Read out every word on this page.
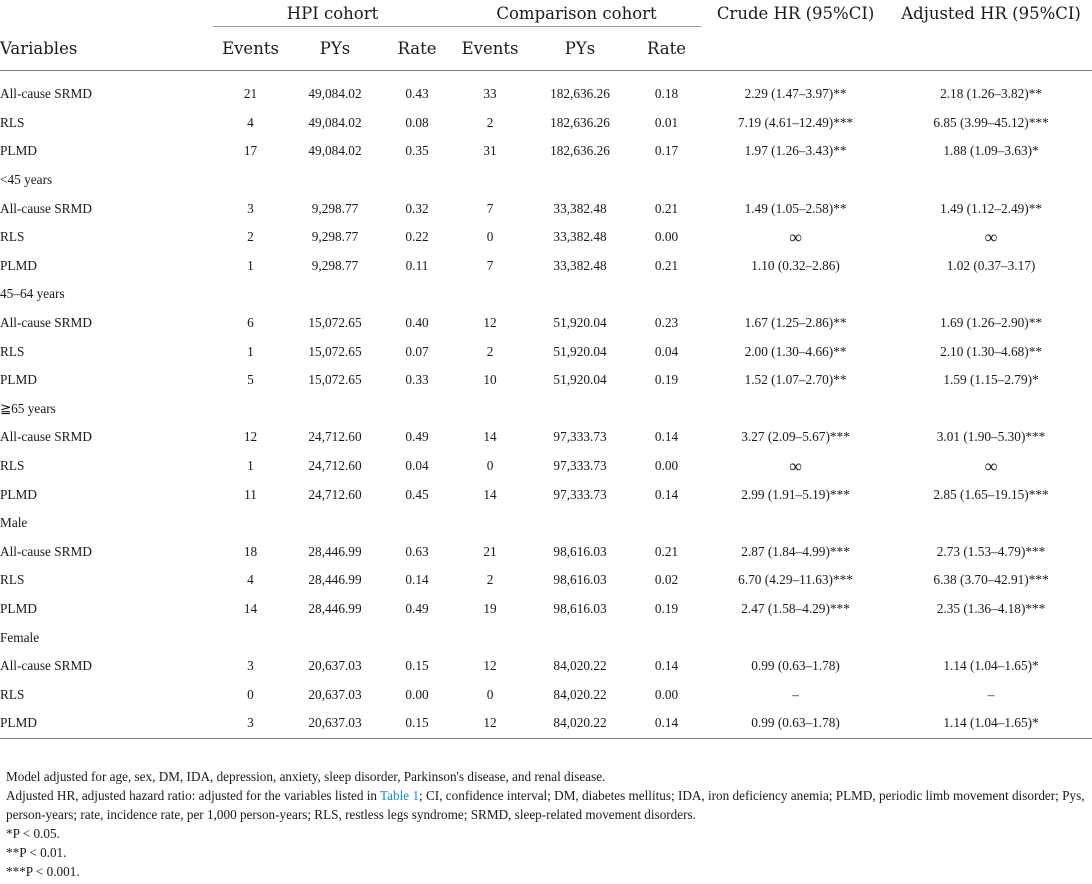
	HPI cohort			Comparison cohort			Crude HR (95%CI)	Adjusted HR (95%CI)
Variables	Events	PYs	Rate	Events	PYs	Rate		

All-cause SRMD	21	49,084.02	0.43	33	182,636.26	0.18	2.29 (1.47–3.97)**	2.18 (1.26–3.82)**
RLS	4	49,084.02	0.08	2	182,636.26	0.01	7.19 (4.61–12.49)***	6.85 (3.99–45.12)***
PLMD	17	49,084.02	0.35	31	182,636.26	0.17	1.97 (1.26–3.43)**	1.88 (1.09–3.63)*
<45 years								
All-cause SRMD	3	9,298.77	0.32	7	33,382.48	0.21	1.49 (1.05–2.58)**	1.49 (1.12–2.49)**
RLS	2	9,298.77	0.22	0	33,382.48	0.00	∞	∞
PLMD	1	9,298.77	0.11	7	33,382.48	0.21	1.10 (0.32–2.86)	1.02 (0.37–3.17)
45–64 years								
All-cause SRMD	6	15,072.65	0.40	12	51,920.04	0.23	1.67 (1.25–2.86)**	1.69 (1.26–2.90)**
RLS	1	15,072.65	0.07	2	51,920.04	0.04	2.00 (1.30–4.66)**	2.10 (1.30–4.68)**
PLMD	5	15,072.65	0.33	10	51,920.04	0.19	1.52 (1.07–2.70)**	1.59 (1.15–2.79)*
≧65 years								
All-cause SRMD	12	24,712.60	0.49	14	97,333.73	0.14	3.27 (2.09–5.67)***	3.01 (1.90–5.30)***
RLS	1	24,712.60	0.04	0	97,333.73	0.00	∞	∞
PLMD	11	24,712.60	0.45	14	97,333.73	0.14	2.99 (1.91–5.19)***	2.85 (1.65–19.15)***
Male								
All-cause SRMD	18	28,446.99	0.63	21	98,616.03	0.21	2.87 (1.84–4.99)***	2.73 (1.53–4.79)***
RLS	4	28,446.99	0.14	2	98,616.03	0.02	6.70 (4.29–11.63)***	6.38 (3.70–42.91)***
PLMD	14	28,446.99	0.49	19	98,616.03	0.19	2.47 (1.58–4.29)***	2.35 (1.36–4.18)***
Female								
All-cause SRMD	3	20,637.03	0.15	12	84,020.22	0.14	0.99 (0.63–1.78)	1.14 (1.04–1.65)*
RLS	0	20,637.03	0.00	0	84,020.22	0.00	–	–
PLMD	3	20,637.03	0.15	12	84,020.22	0.14	0.99 (0.63–1.78)	1.14 (1.04–1.65)*

Model adjusted for age, sex, DM, IDA, depression, anxiety, sleep disorder, Parkinson's disease, and renal disease.

Adjusted HR, adjusted hazard ratio: adjusted for the variables listed in Table 1; CI, confidence interval; DM, diabetes mellitus; IDA, iron deficiency anemia; PLMD, periodic limb movement disorder; Pys, person-years; rate, incidence rate, per 1,000 person-years; RLS, restless legs syndrome; SRMD, sleep-related movement disorders.

*P < 0.05.

**P < 0.01.

***P < 0.001.
